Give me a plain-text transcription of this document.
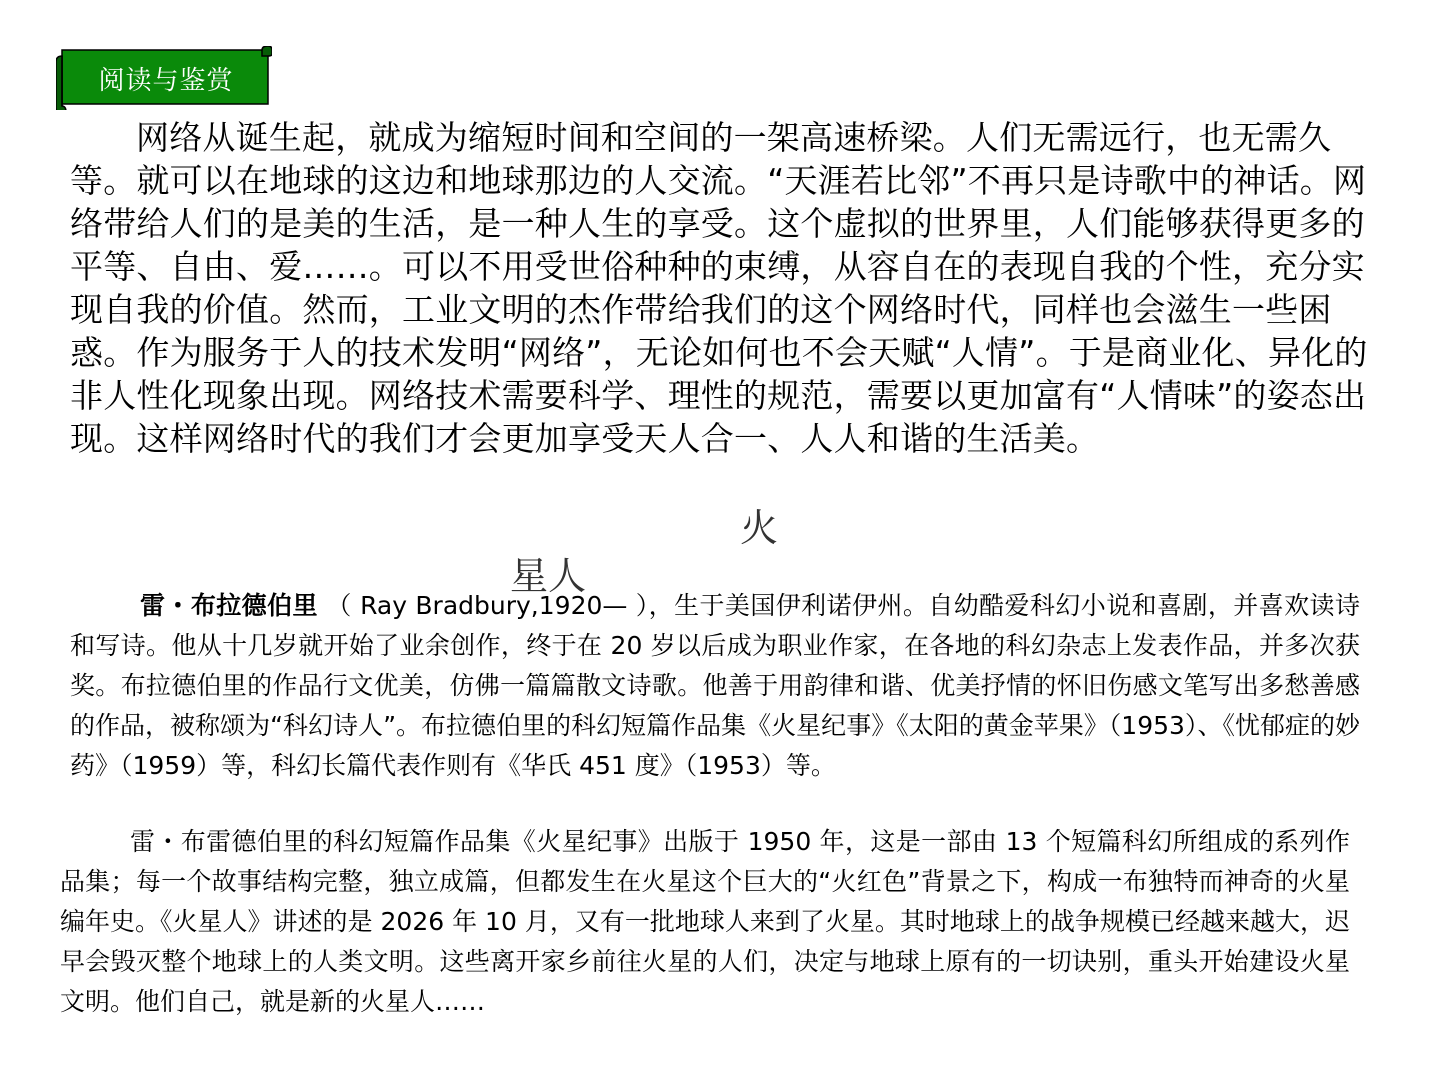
阅读与鉴赏

网络从诞生起，就成为缩短时间和空间的一架高速桥梁。人们无需远行，也无需久等。就可以在地球的这边和地球那边的人交流。“天涯若比邻”不再只是诗歌中的神话。网络带给人们的是美的生活，是一种人生的享受。这个虚拟的世界里，人们能够获得更多的平等、自由、爱……。可以不用受世俗种种的束缚，从容自在的表现自我的个性，充分实现自我的价值。然而，工业文明的杰作带给我们的这个网络时代，同样也会滋生一些困惑。作为服务于人的技术发明“网络”，无论如何也不会天赋“人情”。于是商业化、异化的非人性化现象出现。网络技术需要科学、理性的规范，需要以更加富有“人情味”的姿态出现。这样网络时代的我们才会更加享受天人合一、人人和谐的生活美。

火
星人

雷・布拉德伯里 （ Ray Bradbury,1920— ），生于美国伊利诺伊州。自幼酷爱科幻小说和喜剧，并喜欢读诗和写诗。他从十几岁就开始了业余创作，终于在 20 岁以后成为职业作家，在各地的科幻杂志上发表作品，并多次获奖。布拉德伯里的作品行文优美，仿佛一篇篇散文诗歌。他善于用韵律和谐、优美抒情的怀旧伤感文笔写出多愁善感的作品，被称颂为“科幻诗人”。布拉德伯里的科幻短篇作品集《火星纪事》《太阳的黄金苹果》（1953）、《忧郁症的妙药》（1959）等，科幻长篇代表作则有《华氏 451 度》（1953）等。

雷・布雷德伯里的科幻短篇作品集《火星纪事》出版于 1950 年，这是一部由 13 个短篇科幻所组成的系列作品集；每一个故事结构完整，独立成篇，但都发生在火星这个巨大的“火红色”背景之下，构成一布独特而神奇的火星编年史。《火星人》讲述的是 2026 年 10 月，又有一批地球人来到了火星。其时地球上的战争规模已经越来越大，迟早会毁灭整个地球上的人类文明。这些离开家乡前往火星的人们，决定与地球上原有的一切诀别，重头开始建设火星文明。他们自己，就是新的火星人……
